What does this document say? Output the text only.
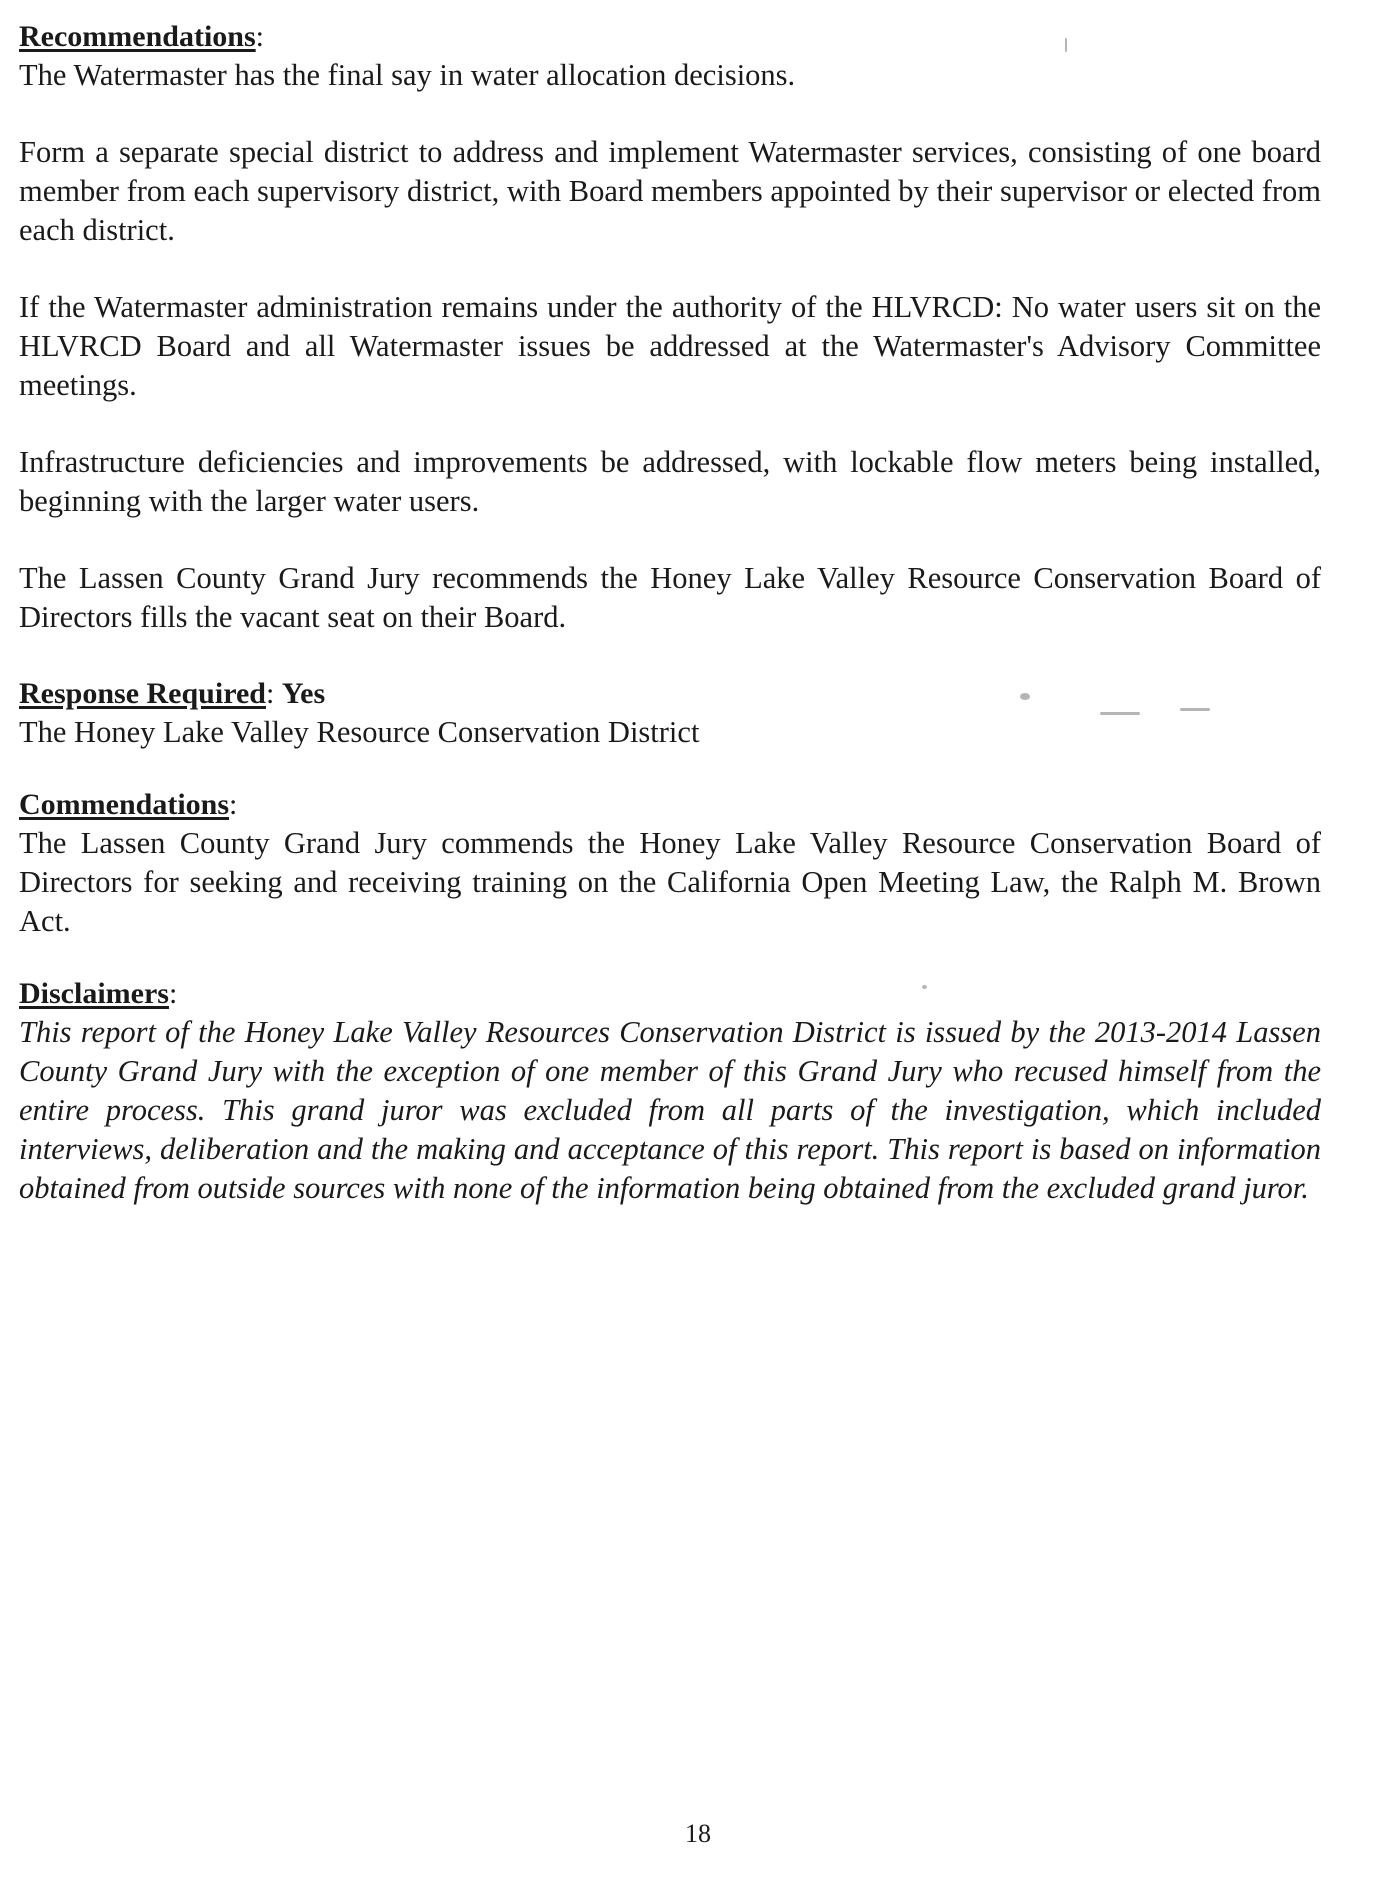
Recommendations:

The Watermaster has the final say in water allocation decisions.

Form a separate special district to address and implement Watermaster services, consisting of one board member from each supervisory district, with Board members appointed by their supervisor or elected from each district.

If the Watermaster administration remains under the authority of the HLVRCD: No water users sit on the HLVRCD Board and all Watermaster issues be addressed at the Watermaster's Advisory Committee meetings.

Infrastructure deficiencies and improvements be addressed, with lockable flow meters being installed, beginning with the larger water users.

The Lassen County Grand Jury recommends the Honey Lake Valley Resource Conservation Board of Directors fills the vacant seat on their Board.

Response Required: Yes

The Honey Lake Valley Resource Conservation District

Commendations:

The Lassen County Grand Jury commends the Honey Lake Valley Resource Conservation Board of Directors for seeking and receiving training on the California Open Meeting Law, the Ralph M. Brown Act.

Disclaimers:

This report of the Honey Lake Valley Resources Conservation District is issued by the 2013-2014 Lassen County Grand Jury with the exception of one member of this Grand Jury who recused himself from the entire process. This grand juror was excluded from all parts of the investigation, which included interviews, deliberation and the making and acceptance of this report. This report is based on information obtained from outside sources with none of the information being obtained from the excluded grand juror.

18
